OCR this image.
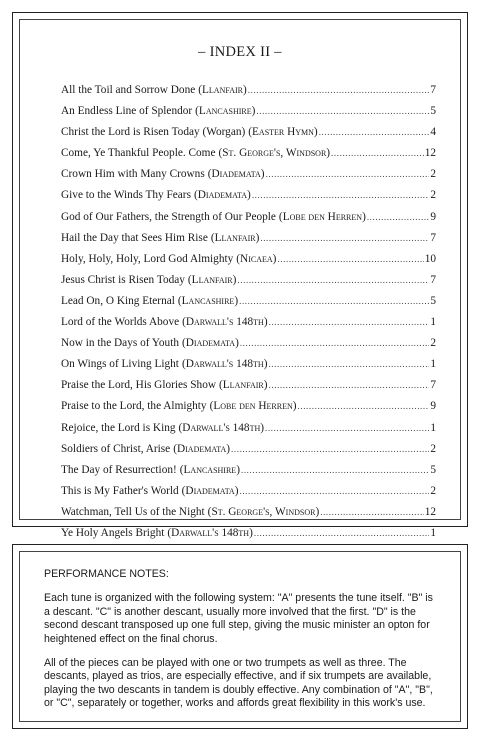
– INDEX II –
All the Toil and Sorrow Done (Llanfair) .....	7
An Endless Line of Splendor (Lancashire) .....	5
Christ the Lord is Risen Today (Worgan) (Easter Hymn) .....	4
Come, Ye Thankful People. Come (St. George's, Windsor) .....	12
Crown Him with Many Crowns (Diademata) .....	2
Give to the Winds Thy Fears (Diademata) .....	2
God of Our Fathers, the Strength of Our People (Lobe den Herren) .....	9
Hail the Day that Sees Him Rise (Llanfair) .....	7
Holy, Holy, Holy, Lord God Almighty (Nicaea) .....	10
Jesus Christ is Risen Today (Llanfair) .....	7
Lead On, O King Eternal (Lancashire) .....	5
Lord of the Worlds Above (Darwall's 148th) .....	1
Now in the Days of Youth (Diademata) .....	2
On Wings of Living Light (Darwall's 148th) .....	1
Praise the Lord, His Glories Show (Llanfair) .....	7
Praise to the Lord, the Almighty (Lobe den Herren) .....	9
Rejoice, the Lord is King (Darwall's 148th) .....	1
Soldiers of Christ, Arise (Diademata) .....	2
The Day of Resurrection! (Lancashire) .....	5
This is My Father's World (Diademata) .....	2
Watchman, Tell Us of the Night (St. George's, Windsor) .....	12
Ye Holy Angels Bright (Darwall's 148th) .....	1
PERFORMANCE NOTES:

Each tune is organized with the following system: "A" presents the tune itself. "B" is a descant. "C" is another descant, usually more involved that the first. "D" is the second descant transposed up one full step, giving the music minister an opton for heightened effect on the final chorus.

All of the pieces can be played with one or two trumpets as well as three. The descants, played as trios, are especially effective, and if six trumpets are available, playing the two descants in tandem is doubly effective. Any combination of "A", "B", or "C", separately or together, works and affords great flexibility in this work's use.
